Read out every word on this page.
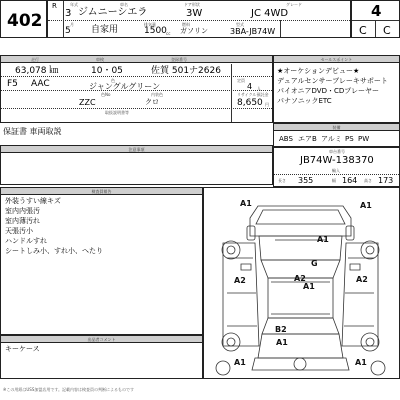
402
R	年式
3
月
5
車名
ジムニーシエラ
ドア形状
3W
グレード
JC 4WD
自家用
排気量
1500 cc
燃料
ガソリン
型式
3BA-JB74W
4
C C
走行	車検	登録番号
63,078 ㎞	10・05	佐賀 501ナ2626
色	定員
F5 AAC	ジャングルグリーン	4 人
色No	内装色	リサイクル預託金
ZZC	クロ	8,650 円
取扱説明書等
保証書 車両取説
セールスポイント
★オーケションデビュー★
デュアルセンサーブレーキサポート
パイオニアDVD・CDプレーヤー
パナソニックETC
装備
ABS エアB アルミ PS PW
注意事項	車台番号
JB74W-138370
輸入
長さ 355	幅 164 高さ 173
検査員報告
外装うすい線キズ
室内内張汚
室内薄汚れ
天張汚小
ハンドルすれ
シートしみ小、すれ小、へたり
A1	A1
A1
G
A1
A2	A2	A2
B2
A1
A1	A1
出品者コメント
キーケース
※この用紙はUSS加盟店用です。記載内容は検査員の判断によるものです
